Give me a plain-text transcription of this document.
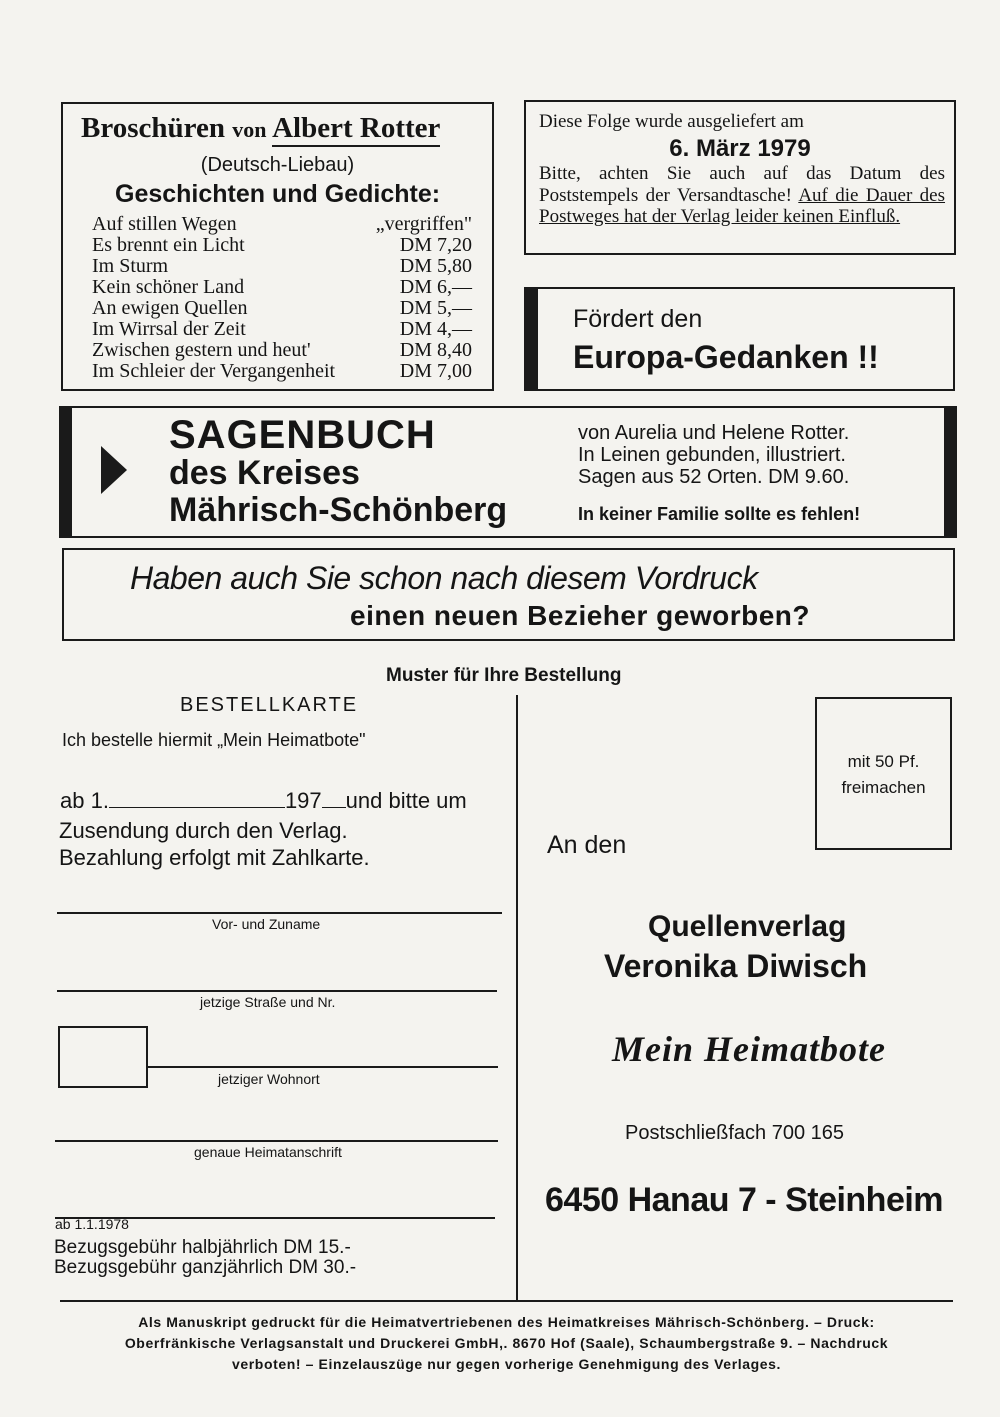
Broschüren von Albert Rotter
(Deutsch-Liebau)
Geschichten und Gedichte:
Auf stillen Wegen	„vergriffen"
Es brennt ein Licht	DM 7,20
Im Sturm	DM 5,80
Kein schöner Land	DM 6,—
An ewigen Quellen	DM 5,—
Im Wirrsal der Zeit	DM 4,—
Zwischen gestern und heut'	DM 8,40
Im Schleier der Vergangenheit	DM 7,00
Diese Folge wurde ausgeliefert am
6. März 1979
Bitte, achten Sie auch auf das Datum des Poststempels der Versandtasche! Auf die Dauer des Postweges hat der Verlag leider keinen Einfluß.
Fördert den
Europa-Gedanken !!
SAGENBUCH
des Kreises
Mährisch-Schönberg
von Aurelia und Helene Rotter.
In Leinen gebunden, illustriert.
Sagen aus 52 Orten. DM 9.60.
In keiner Familie sollte es fehlen!
Haben auch Sie schon nach diesem Vordruck
einen neuen Bezieher geworben?
Muster für Ihre Bestellung
BESTELLKARTE
Ich bestelle hiermit „Mein Heimatbote"
ab 1.	197 und bitte um
Zusendung durch den Verlag.
Bezahlung erfolgt mit Zahlkarte.
Vor- und Zuname
jetzige Straße und Nr.
jetziger Wohnort
genaue Heimatanschrift
ab 1.1.1978
Bezugsgebühr halbjährlich DM 15.-
Bezugsgebühr ganzjährlich DM 30.-
mit 50 Pf.
freimachen
An den
Quellenverlag
Veronika Diwisch
Mein Heimatbote
Postschließfach 700 165
6450 Hanau 7 - Steinheim
Als Manuskript gedruckt für die Heimatvertriebenen des Heimatkreises Mährisch-Schönberg. – Druck:
Oberfränkische Verlagsanstalt und Druckerei GmbH,. 8670 Hof (Saale), Schaumbergstraße 9. – Nachdruck
verboten! – Einzelauszüge nur gegen vorherige Genehmigung des Verlages.
